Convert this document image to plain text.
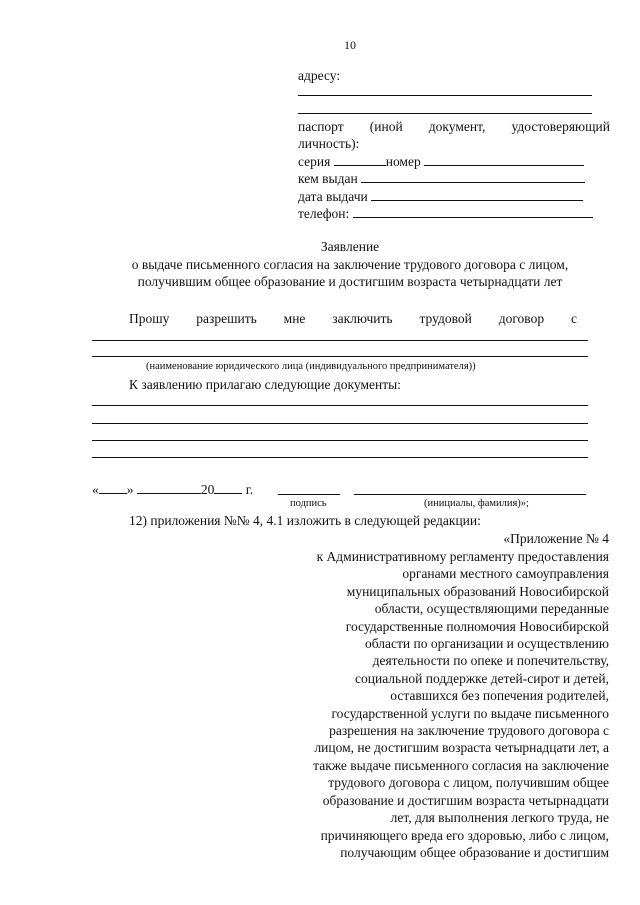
10
адресу:
паспорт (иной документ, удостоверяющий
личность):
серия	номер
кем выдан
дата выдачи
телефон:
Заявление
о выдаче письменного согласия на заключение трудового договора с лицом,
получившим общее образование и достигшим возраста четырнадцати лет
Прошу разрешить мне заключить трудовой договор с
(наименование юридического лица (индивидуального предпринимателя))
К заявлению прилагаю следующие документы:
« »	20 г.
подпись	(инициалы, фамилия)»;
12) приложения №№ 4, 4.1 изложить в следующей редакции:
«Приложение № 4
к Административному регламенту предоставления
органами местного самоуправления
муниципальных образований Новосибирской
области, осуществляющими переданные
государственные полномочия Новосибирской
области по организации и осуществлению
деятельности по опеке и попечительству,
социальной поддержке детей-сирот и детей,
оставшихся без попечения родителей,
государственной услуги по выдаче письменного
разрешения на заключение трудового договора с
лицом, не достигшим возраста четырнадцати лет, а
также выдаче письменного согласия на заключение
трудового договора с лицом, получившим общее
образование и достигшим возраста четырнадцати
лет, для выполнения легкого труда, не
причиняющего вреда его здоровью, либо с лицом,
получающим общее образование и достигшим
